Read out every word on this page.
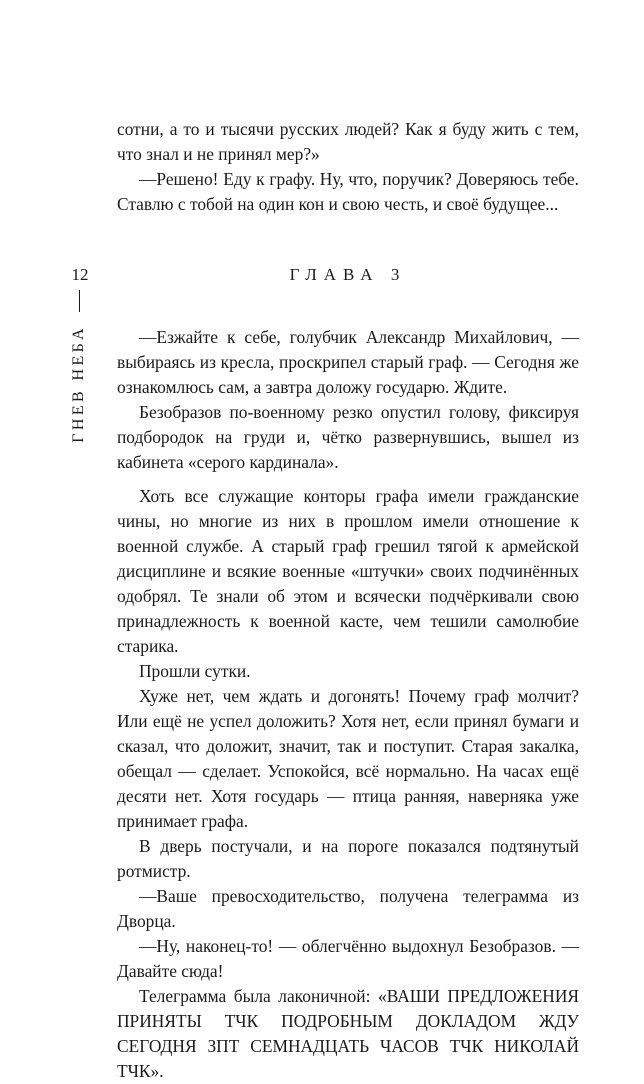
12
ГНЕВ НЕБА

сотни, а то и тысячи русских людей? Как я буду жить с тем, что знал и не принял мер?»

—Решено! Еду к графу. Ну, что, поручик? Доверяюсь тебе. Ставлю с тобой на один кон и свою честь, и своё будущее...

ГЛАВА 3

—Езжайте к себе, голубчик Александр Михайлович, — выбираясь из кресла, проскрипел старый граф. — Сегодня же ознакомлюсь сам, а завтра доложу государю. Ждите.

Безобразов по-военному резко опустил голову, фиксируя подбородок на груди и, чётко развернувшись, вышел из кабинета «серого кардинала».

Хоть все служащие конторы графа имели гражданские чины, но многие из них в прошлом имели отношение к военной службе. А старый граф грешил тягой к армейской дисциплине и всякие военные «штучки» своих подчинённых одобрял. Те знали об этом и всячески подчёркивали свою принадлежность к военной касте, чем тешили самолюбие старика.

Прошли сутки.

Хуже нет, чем ждать и догонять! Почему граф молчит? Или ещё не успел доложить? Хотя нет, если принял бумаги и сказал, что доложит, значит, так и поступит. Старая закалка, обещал — сделает. Успокойся, всё нормально. На часах ещё десяти нет. Хотя государь — птица ранняя, наверняка уже принимает графа.

В дверь постучали, и на пороге показался подтянутый ротмистр.

—Ваше превосходительство, получена телеграмма из Дворца.

—Ну, наконец-то! — облегчённо выдохнул Безобразов. — Давайте сюда!

Телеграмма была лаконичной: «ВАШИ ПРЕДЛОЖЕНИЯ ПРИНЯТЫ ТЧК ПОДРОБНЫМ ДОКЛАДОМ ЖДУ СЕГОДНЯ ЗПТ СЕМНАДЦАТЬ ЧАСОВ ТЧК НИКОЛАЙ ТЧК».
